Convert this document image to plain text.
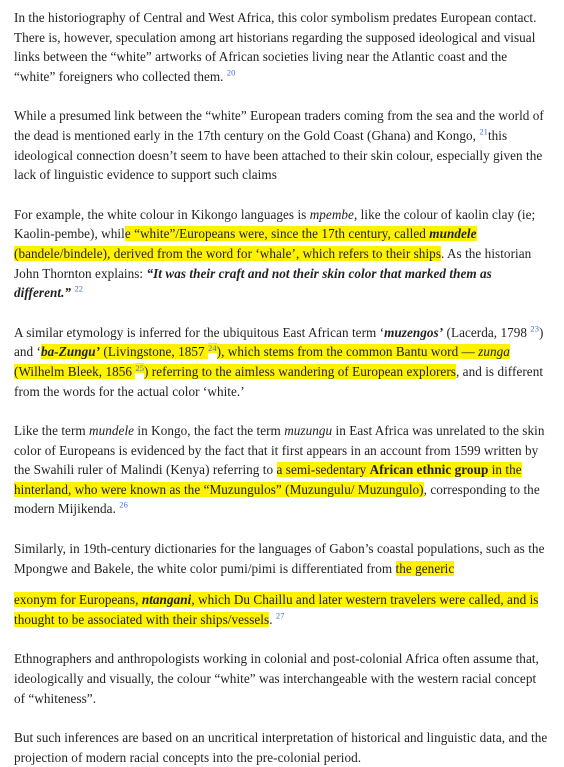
In the historiography of Central and West Africa, this color symbolism predates European contact. There is, however, speculation among art historians regarding the supposed ideological and visual links between the “white” artworks of African societies living near the Atlantic coast and the “white” foreigners who collected them. $^{20}$

While a presumed link between the “white” European traders coming from the sea and the world of the dead is mentioned early in the 17th century on the Gold Coast (Ghana) and Kongo, $^{21}$this ideological connection doesn’t seem to have been attached to their skin colour, especially given the lack of linguistic evidence to support such claims

For example, the white colour in Kikongo languages is mpembe, like the colour of kaolin clay (ie; Kaolin-pembe), while “white”/Europeans were, since the 17th century, called mundele (bandele/bindele), derived from the word for ‘whale’, which refers to their ships. As the historian John Thornton explains: “It was their craft and not their skin color that marked them as different.” $^{22}$

A similar etymology is inferred for the ubiquitous East African term ‘muzengos’ (Lacerda, 1798 $^{23}$) and ‘ba-Zungu’ (Livingstone, 1857 $^{24}$), which stems from the common Bantu word — zunga (Wilhelm Bleek, 1856 $^{25}$) referring to the aimless wandering of European explorers, and is different from the words for the actual color ‘white.’

Like the term mundele in Kongo, the fact the term muzungu in East Africa was unrelated to the skin color of Europeans is evidenced by the fact that it first appears in an account from 1599 written by the Swahili ruler of Malindi (Kenya) referring to a semi-sedentary African ethnic group in the hinterland, who were known as the “Muzungulos” (Muzungulu/ Muzungulo), corresponding to the modern Mijikenda. $^{26}$

Similarly, in 19th-century dictionaries for the languages of Gabon’s coastal populations, such as the Mpongwe and Bakele, the white color pumi/pimi is differentiated from the generic

exonym for Europeans, ntangani, which Du Chaillu and later western travelers were called, and is thought to be associated with their ships/vessels. $^{27}$

Ethnographers and anthropologists working in colonial and post-colonial Africa often assume that, ideologically and visually, the colour “white” was interchangeable with the western racial concept of “whiteness”.

But such inferences are based on an uncritical interpretation of historical and linguistic data, and the projection of modern racial concepts into the pre-colonial period.
